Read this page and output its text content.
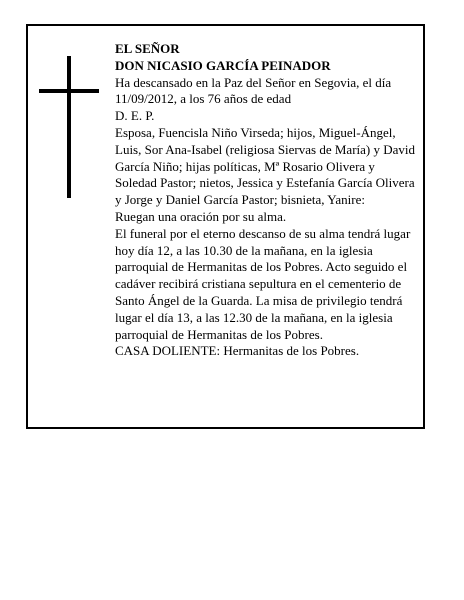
EL SEÑOR

DON NICASIO GARCÍA PEINADOR

Ha descansado en la Paz del Señor en Segovia, el día 11/09/2012, a los 76 años de edad

D. E. P.

Esposa, Fuencisla Niño Virseda; hijos, Miguel-Ángel, Luis, Sor Ana-Isabel (religiosa Siervas de María) y David García Niño; hijas políticas, Mª Rosario Olivera y Soledad Pastor; nietos, Jessica y Estefanía García Olivera y Jorge y Daniel García Pastor; bisnieta, Yanire:

Ruegan una oración por su alma.

El funeral por el eterno descanso de su alma tendrá lugar hoy día 12, a las 10.30 de la mañana, en la iglesia parroquial de Hermanitas de los Pobres. Acto seguido el cadáver recibirá cristiana sepultura en el cementerio de Santo Ángel de la Guarda. La misa de privilegio tendrá lugar el día 13, a las 12.30 de la mañana, en la iglesia parroquial de Hermanitas de los Pobres.

CASA DOLIENTE: Hermanitas de los Pobres.
